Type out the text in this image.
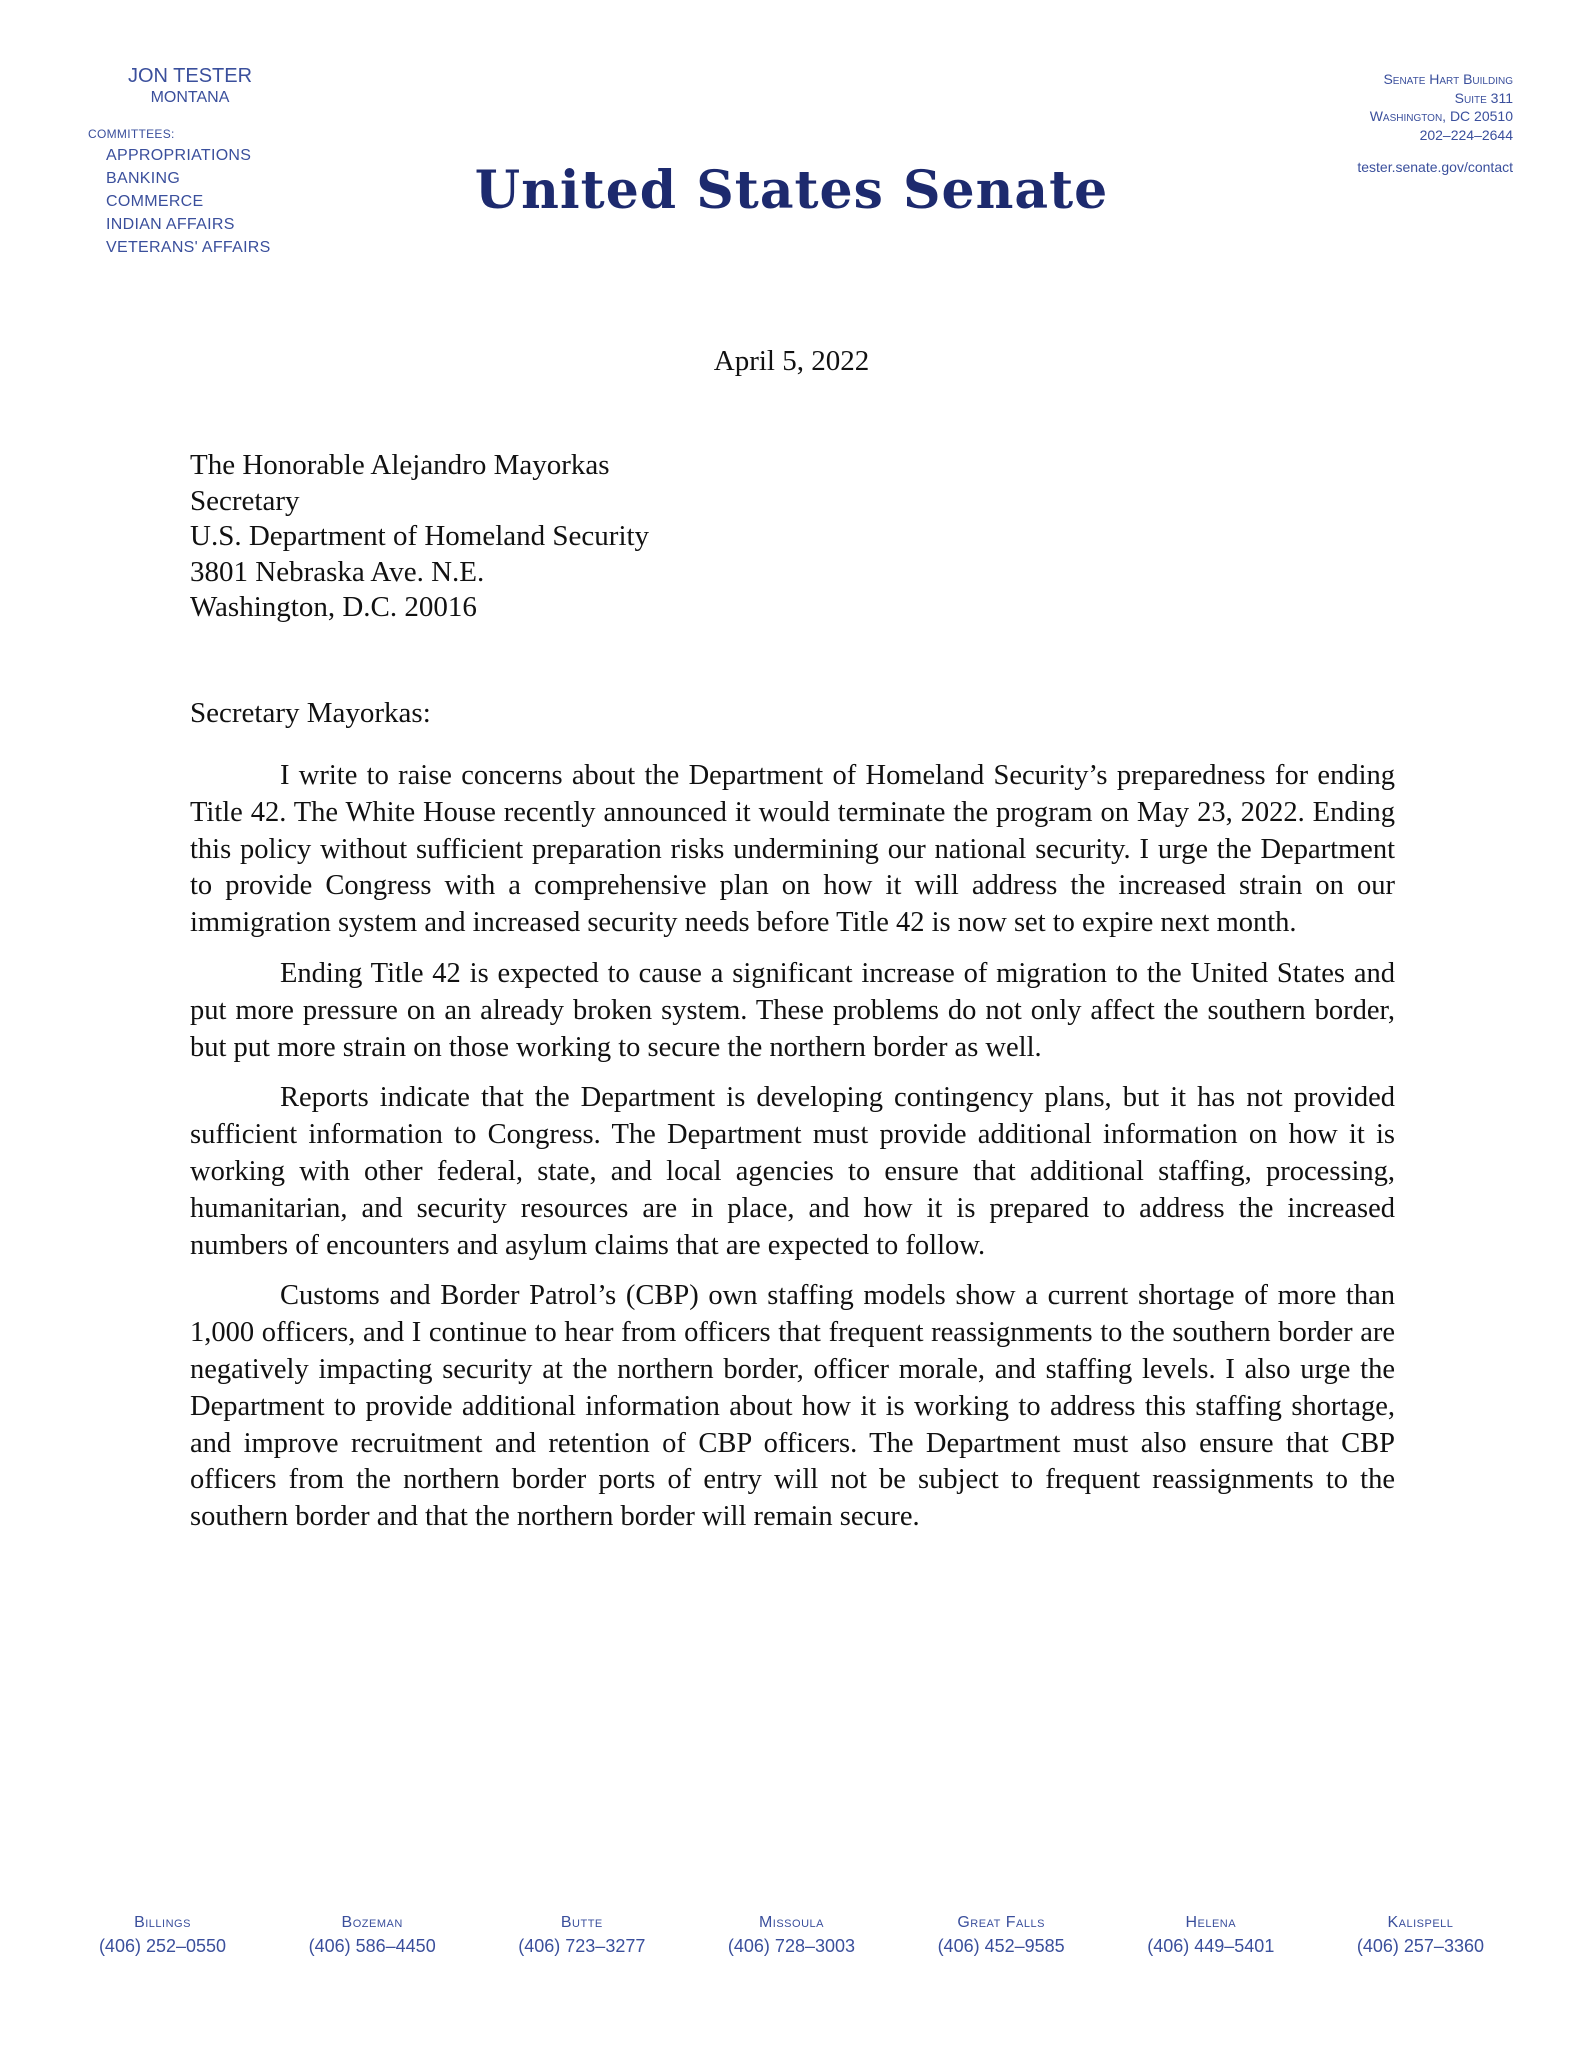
JON TESTER
MONTANA
COMMITTEES:
APPROPRIATIONS
BANKING
COMMERCE
INDIAN AFFAIRS
VETERANS' AFFAIRS
United States Senate
Senate Hart Building
Suite 311
Washington, DC 20510
202–224–2644
tester.senate.gov/contact
April 5, 2022
The Honorable Alejandro Mayorkas
Secretary
U.S. Department of Homeland Security
3801 Nebraska Ave. N.E.
Washington, D.C. 20016
Secretary Mayorkas:

I write to raise concerns about the Department of Homeland Security’s preparedness for ending Title 42. The White House recently announced it would terminate the program on May 23, 2022. Ending this policy without sufficient preparation risks undermining our national security. I urge the Department to provide Congress with a comprehensive plan on how it will address the increased strain on our immigration system and increased security needs before Title 42 is now set to expire next month.

Ending Title 42 is expected to cause a significant increase of migration to the United States and put more pressure on an already broken system. These problems do not only affect the southern border, but put more strain on those working to secure the northern border as well.

Reports indicate that the Department is developing contingency plans, but it has not provided sufficient information to Congress. The Department must provide additional information on how it is working with other federal, state, and local agencies to ensure that additional staffing, processing, humanitarian, and security resources are in place, and how it is prepared to address the increased numbers of encounters and asylum claims that are expected to follow.

Customs and Border Patrol’s (CBP) own staffing models show a current shortage of more than 1,000 officers, and I continue to hear from officers that frequent reassignments to the southern border are negatively impacting security at the northern border, officer morale, and staffing levels. I also urge the Department to provide additional information about how it is working to address this staffing shortage, and improve recruitment and retention of CBP officers. The Department must also ensure that CBP officers from the northern border ports of entry will not be subject to frequent reassignments to the southern border and that the northern border will remain secure.

Billings
(406) 252–0550
Bozeman
(406) 586–4450
Butte
(406) 723–3277
Missoula
(406) 728–3003
Great Falls
(406) 452–9585
Helena
(406) 449–5401
Kalispell
(406) 257–3360
